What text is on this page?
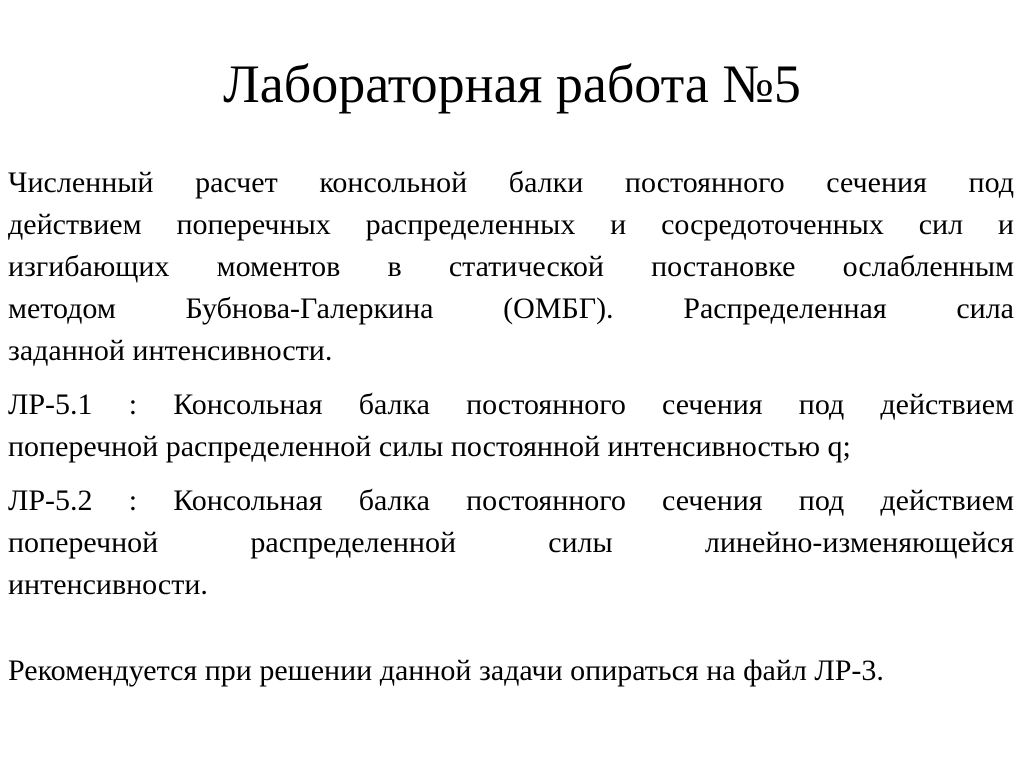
Лабораторная работа №5

Численный расчет консольной балки постоянного сечения под
действием поперечных распределенных и сосредоточенных сил и
изгибающих моментов в статической постановке ослабленным
методом Бубнова-Галеркина (ОМБГ). Распределенная сила
заданной интенсивности.

ЛР-5.1 : Консольная балка постоянного сечения под действием
поперечной распределенной силы постоянной интенсивностью q;

ЛР-5.2 : Консольная балка постоянного сечения под действием
поперечной распределенной силы линейно-изменяющейся
интенсивности.

Рекомендуется при решении данной задачи опираться на файл ЛР-3.
